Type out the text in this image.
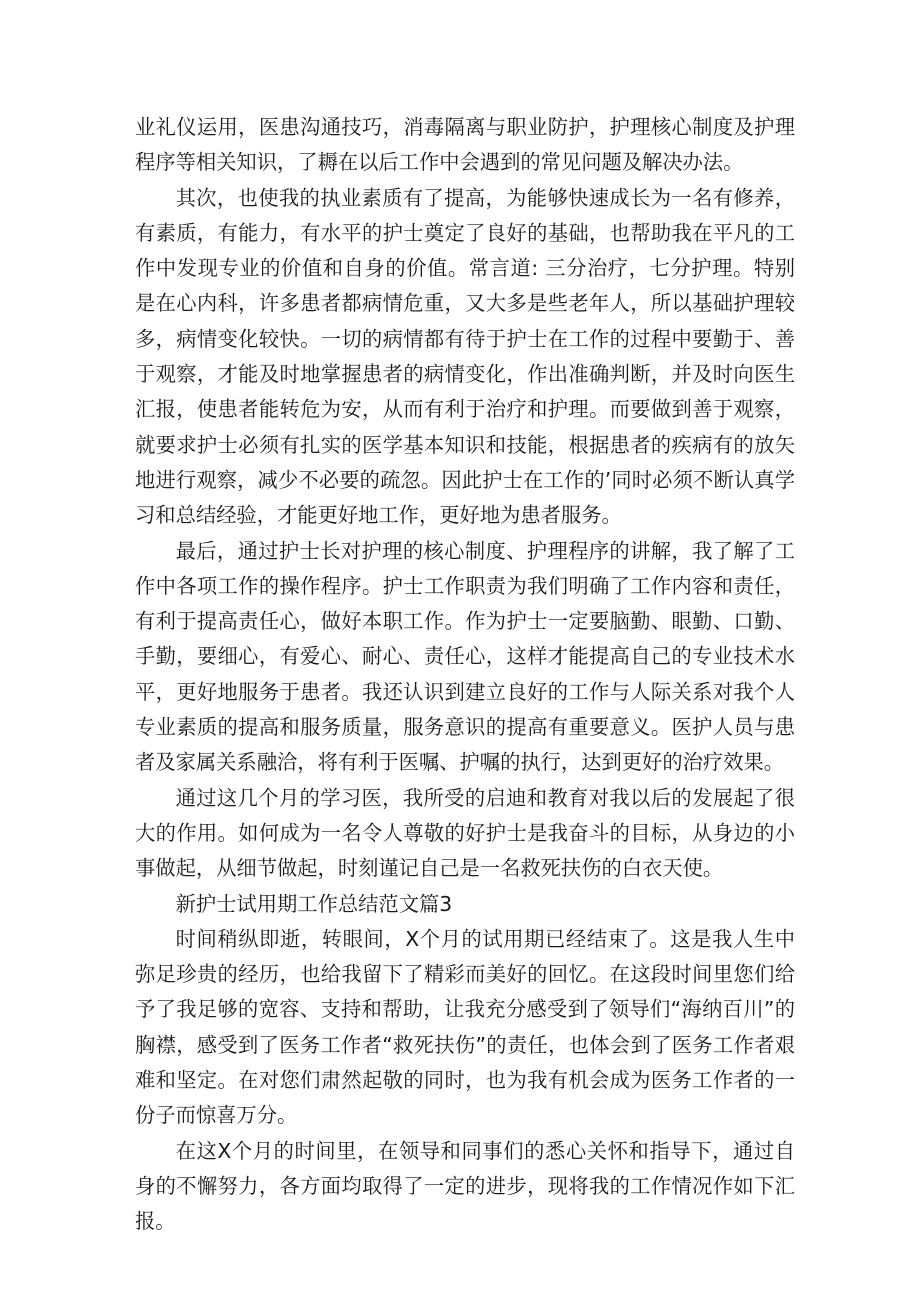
业礼仪运用，医患沟通技巧，消毒隔离与职业防护，护理核心制度及护理程序等相关知识，了耨在以后工作中会遇到的常见问题及解决办法。

其次，也使我的执业素质有了提高，为能够快速成长为一名有修养，有素质，有能力，有水平的护士奠定了良好的基础，也帮助我在平凡的工作中发现专业的价值和自身的价值。常言道: 三分治疗，七分护理。特别是在心内科，许多患者都病情危重，又大多是些老年人，所以基础护理较多，病情变化较快。一切的病情都有待于护士在工作的过程中要勤于、善于观察，才能及时地掌握患者的病情变化，作出准确判断，并及时向医生汇报，使患者能转危为安，从而有利于治疗和护理。而要做到善于观察，就要求护士必须有扎实的医学基本知识和技能，根据患者的疾病有的放矢地进行观察，减少不必要的疏忽。因此护士在工作的’同时必须不断认真学习和总结经验，才能更好地工作，更好地为患者服务。

最后，通过护士长对护理的核心制度、护理程序的讲解，我了解了工作中各项工作的操作程序。护士工作职责为我们明确了工作内容和责任，有利于提高责任心，做好本职工作。作为护士一定要脑勤、眼勤、口勤、手勤，要细心，有爱心、耐心、责任心，这样才能提高自己的专业技术水平，更好地服务于患者。我还认识到建立良好的工作与人际关系对我个人专业素质的提高和服务质量，服务意识的提高有重要意义。医护人员与患者及家属关系融洽，将有利于医嘱、护嘱的执行，达到更好的治疗效果。

通过这几个月的学习医，我所受的启迪和教育对我以后的发展起了很大的作用。如何成为一名令人尊敬的好护士是我奋斗的目标，从身边的小事做起，从细节做起，时刻谨记自己是一名救死扶伤的白衣天使。

新护士试用期工作总结范文篇3

时间稍纵即逝，转眼间，X个月的试用期已经结束了。这是我人生中弥足珍贵的经历，也给我留下了精彩而美好的回忆。在这段时间里您们给予了我足够的宽容、支持和帮助，让我充分感受到了领导们“海纳百川”的胸襟，感受到了医务工作者“救死扶伤”的责任，也体会到了医务工作者艰难和坚定。在对您们肃然起敬的同时，也为我有机会成为医务工作者的一份子而惊喜万分。

在这X个月的时间里，在领导和同事们的悉心关怀和指导下，通过自身的不懈努力，各方面均取得了一定的进步，现将我的工作情况作如下汇报。
